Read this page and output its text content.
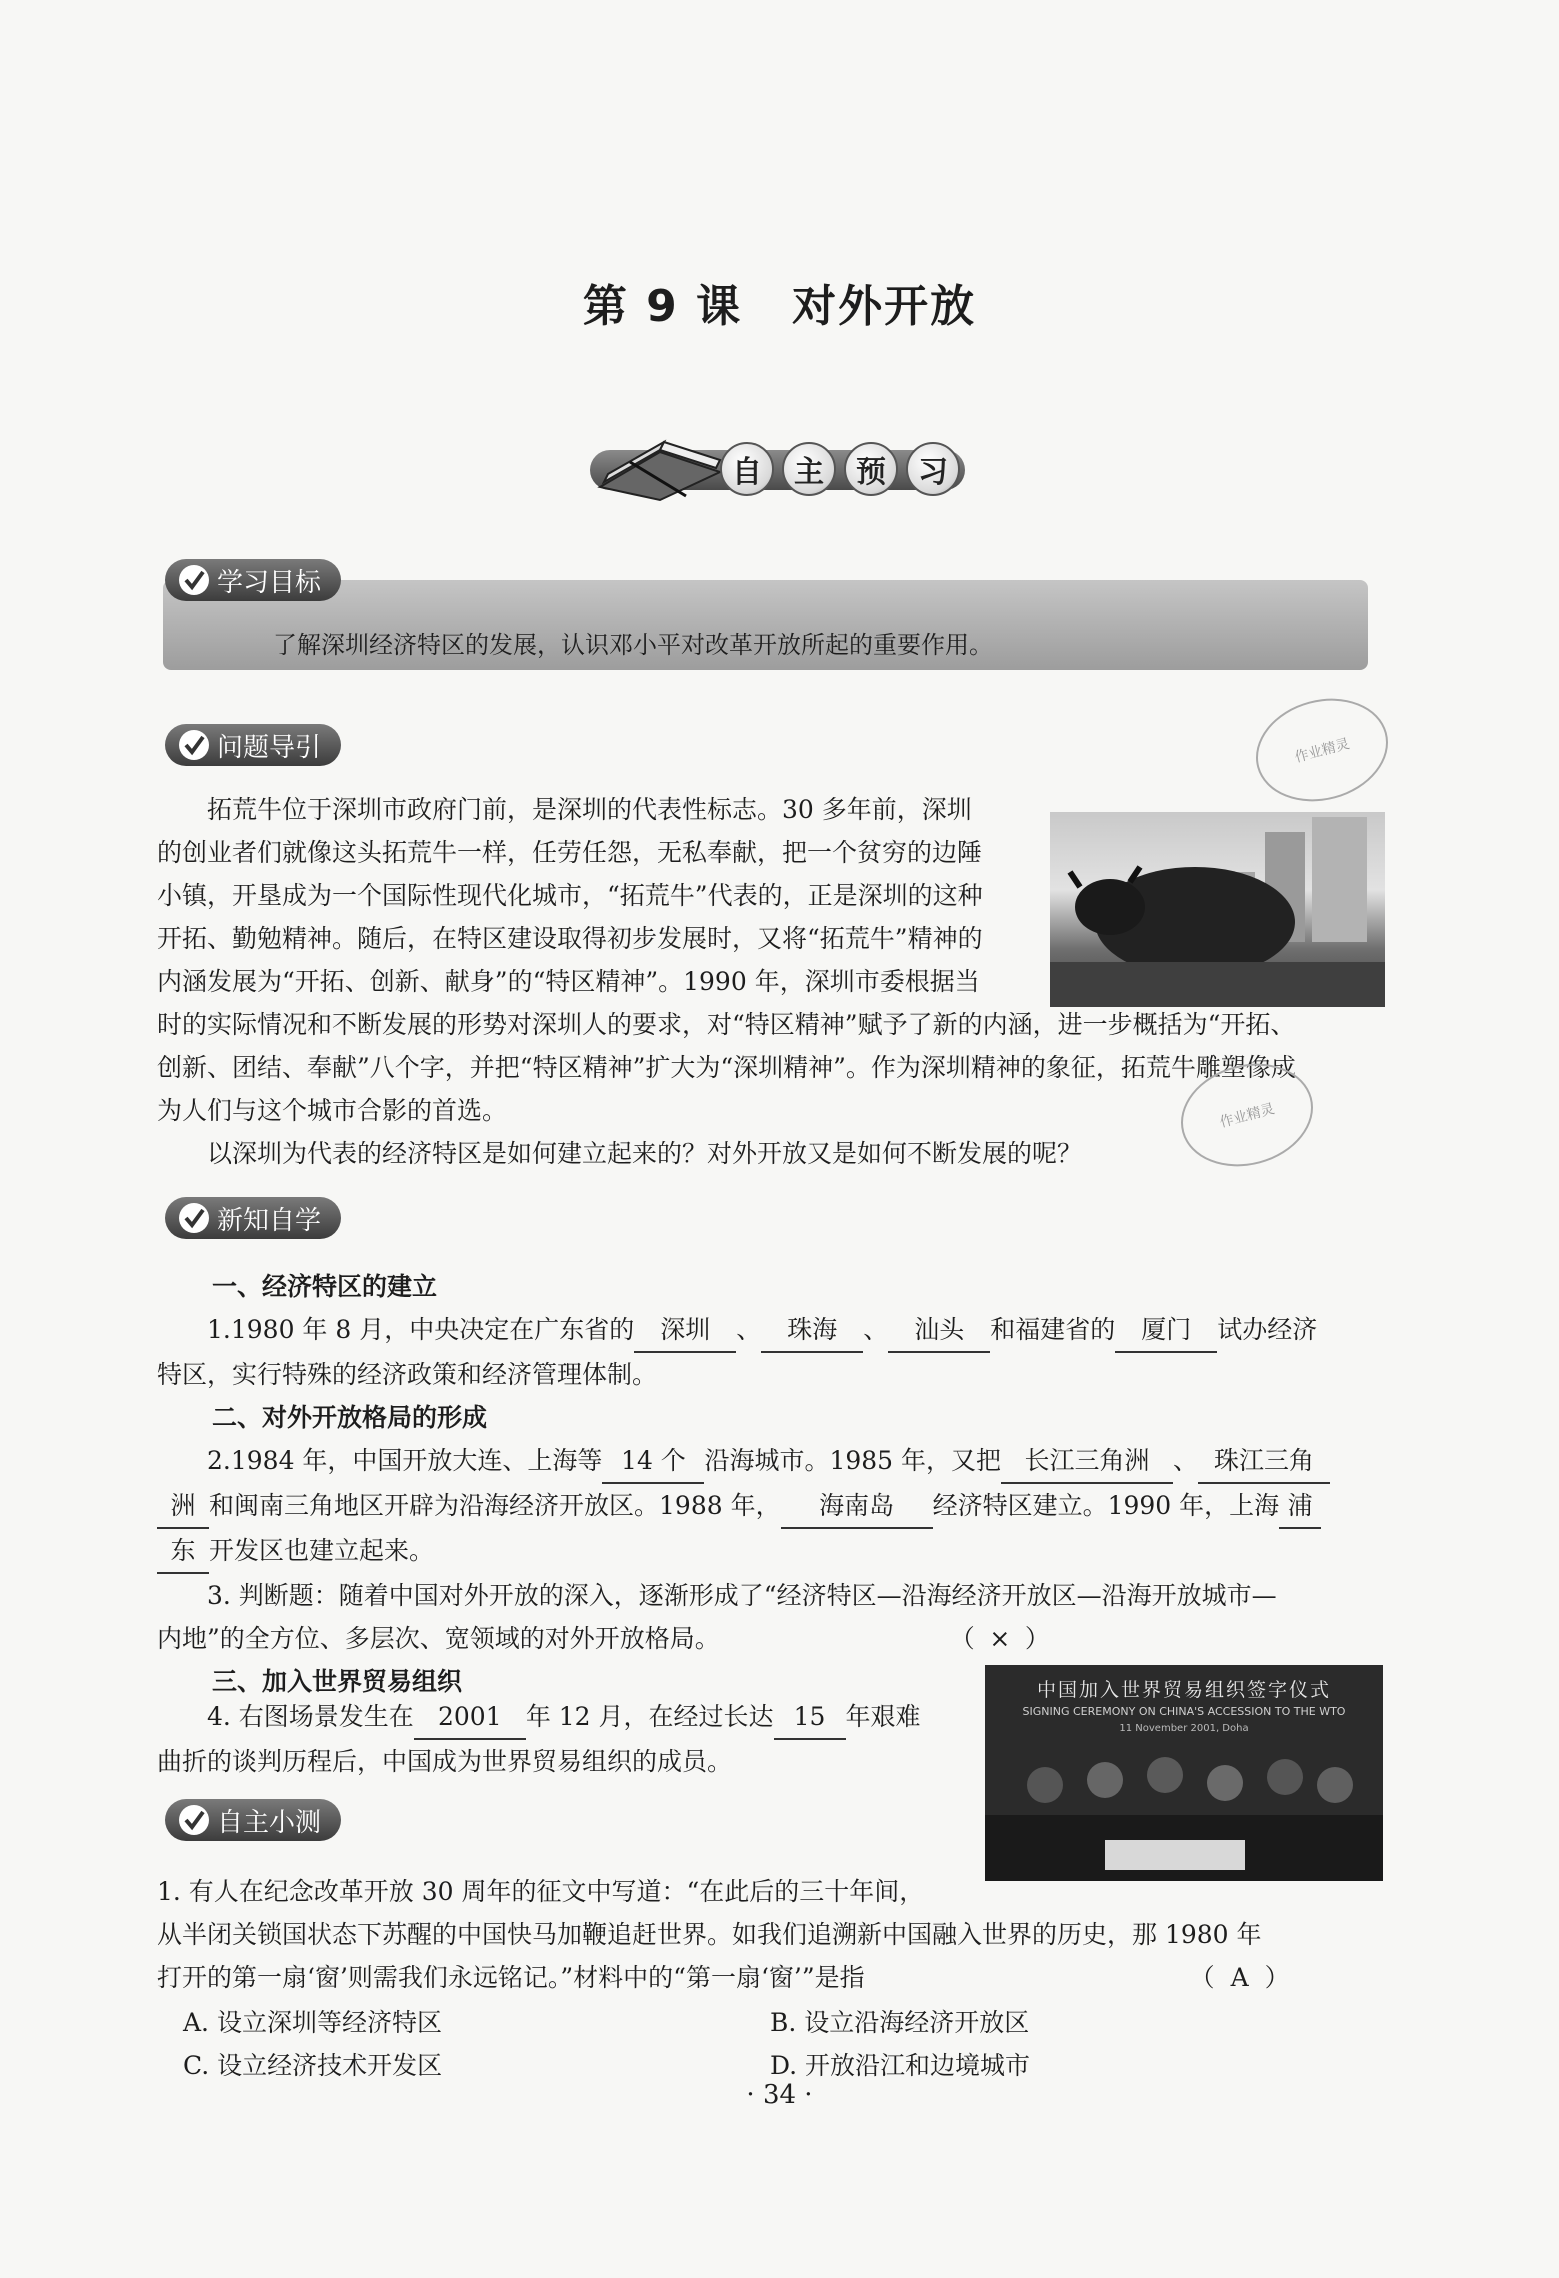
第 9 课 对外开放
自	主	预	习

了解深圳经济特区的发展，认识邓小平对改革开放所起的重要作用。

学习目标
问题导引	作业精灵
拓荒牛位于深圳市政府门前，是深圳的代表性标志。30 多年前，深圳
的创业者们就像这头拓荒牛一样，任劳任怨，无私奉献，把一个贫穷的边陲
小镇，开垦成为一个国际性现代化城市，“拓荒牛”代表的，正是深圳的这种
开拓、勤勉精神。随后，在特区建设取得初步发展时，又将“拓荒牛”精神的
内涵发展为“开拓、创新、献身”的“特区精神”。1990 年，深圳市委根据当
时的实际情况和不断发展的形势对深圳人的要求，对“特区精神”赋予了新的内涵，进一步概括为“开拓、
创新、团结、奉献”八个字，并把“特区精神”扩大为“深圳精神”。作为深圳精神的象征，拓荒牛雕塑像成
为人们与这个城市合影的首选。
以深圳为代表的经济特区是如何建立起来的？对外开放又是如何不断发展的呢？
作业精灵
新知自学
一、经济特区的建立
1.1980 年 8 月，中央决定在广东省的 深圳 、 珠海 、 汕头 和福建省的 厦门 试办经济
特区，实行特殊的经济政策和经济管理体制。
二、对外开放格局的形成
2.1984 年，中国开放大连、上海等 14 个 沿海城市。1985 年，又把 长江三角洲 、 珠江三角
洲 和闽南三角地区开辟为沿海经济开放区。1988 年， 海南岛 经济特区建立。1990 年，上海 浦
东 开发区也建立起来。
3. 判断题：随着中国对外开放的深入，逐渐形成了“经济特区—沿海经济开放区—沿海开放城市—
内地”的全方位、多层次、宽领域的对外开放格局。	（ × ）
三、加入世界贸易组织
4. 右图场景发生在 2001 年 12 月，在经过长达 15 年艰难
曲折的谈判历程后，中国成为世界贸易组织的成员。
中国加入世界贸易组织签字仪式
SIGNING CEREMONY ON CHINA'S ACCESSION TO THE WTO
11 November 2001, Doha
自主小测
1. 有人在纪念改革开放 30 周年的征文中写道：“在此后的三十年间，
从半闭关锁国状态下苏醒的中国快马加鞭追赶世界。如我们追溯新中国融入世界的历史，那 1980 年
打开的第一扇‘窗’则需我们永远铭记。”材料中的“第一扇‘窗’”是指	（ A ）
A. 设立深圳等经济特区	B. 设立沿海经济开放区
C. 设立经济技术开发区	D. 开放沿江和边境城市
· 34 ·
